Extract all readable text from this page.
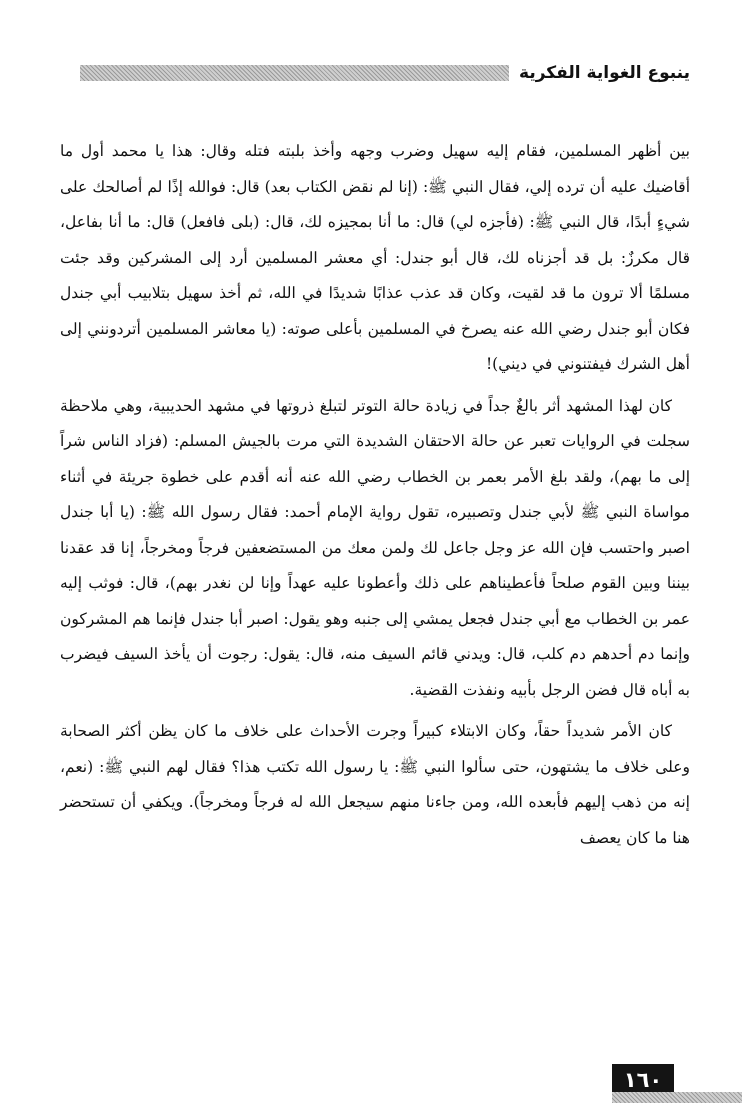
ينبوع الغواية الفكرية

بين أظهر المسلمين، فقام إليه سهيل وضرب وجهه وأخذ بلبته فتله وقال: هذا يا محمد أول ما أقاضيك عليه أن ترده إلي، فقال النبي ﷺ: (إنا لم نقض الكتاب بعد) قال: فوالله إذًا لم أصالحك على شيءٍ أبدًا، قال النبي ﷺ: (فأجزه لي) قال: ما أنا بمجيزه لك، قال: (بلى فافعل) قال: ما أنا بفاعل، قال مكرزٌ: بل قد أجزناه لك، قال أبو جندل: أي معشر المسلمين أرد إلى المشركين وقد جئت مسلمًا ألا ترون ما قد لقيت، وكان قد عذب عذابًا شديدًا في الله، ثم أخذ سهيل بتلابيب أبي جندل فكان أبو جندل رضي الله عنه يصرخ في المسلمين بأعلى صوته: (يا معاشر المسلمين أتردونني إلى أهل الشرك فيفتنوني في ديني)!

كان لهذا المشهد أثر بالغٌ جداً في زيادة حالة التوتر لتبلغ ذروتها في مشهد الحديبية، وهي ملاحظة سجلت في الروايات تعبر عن حالة الاحتقان الشديدة التي مرت بالجيش المسلم: (فزاد الناس شراً إلى ما بهم)، ولقد بلغ الأمر بعمر بن الخطاب رضي الله عنه أنه أقدم على خطوة جريئة في أثناء مواساة النبي ﷺ لأبي جندل وتصبيره، تقول رواية الإمام أحمد: فقال رسول الله ﷺ: (يا أبا جندل اصبر واحتسب فإن الله عز وجل جاعل لك ولمن معك من المستضعفين فرجاً ومخرجاً، إنا قد عقدنا بيننا وبين القوم صلحاً فأعطيناهم على ذلك وأعطونا عليه عهداً وإنا لن نغدر بهم)، قال: فوثب إليه عمر بن الخطاب مع أبي جندل فجعل يمشي إلى جنبه وهو يقول: اصبر أبا جندل فإنما هم المشركون وإنما دم أحدهم دم كلب، قال: ويدني قائم السيف منه، قال: يقول: رجوت أن يأخذ السيف فيضرب به أباه قال فضن الرجل بأبيه ونفذت القضية.

كان الأمر شديداً حقاً، وكان الابتلاء كبيراً وجرت الأحداث على خلاف ما كان يظن أكثر الصحابة وعلى خلاف ما يشتهون، حتى سألوا النبي ﷺ: يا رسول الله تكتب هذا؟ فقال لهم النبي ﷺ: (نعم، إنه من ذهب إليهم فأبعده الله، ومن جاءنا منهم سيجعل الله له فرجاً ومخرجاً). ويكفي أن تستحضر هنا ما كان يعصف

١٦٠
